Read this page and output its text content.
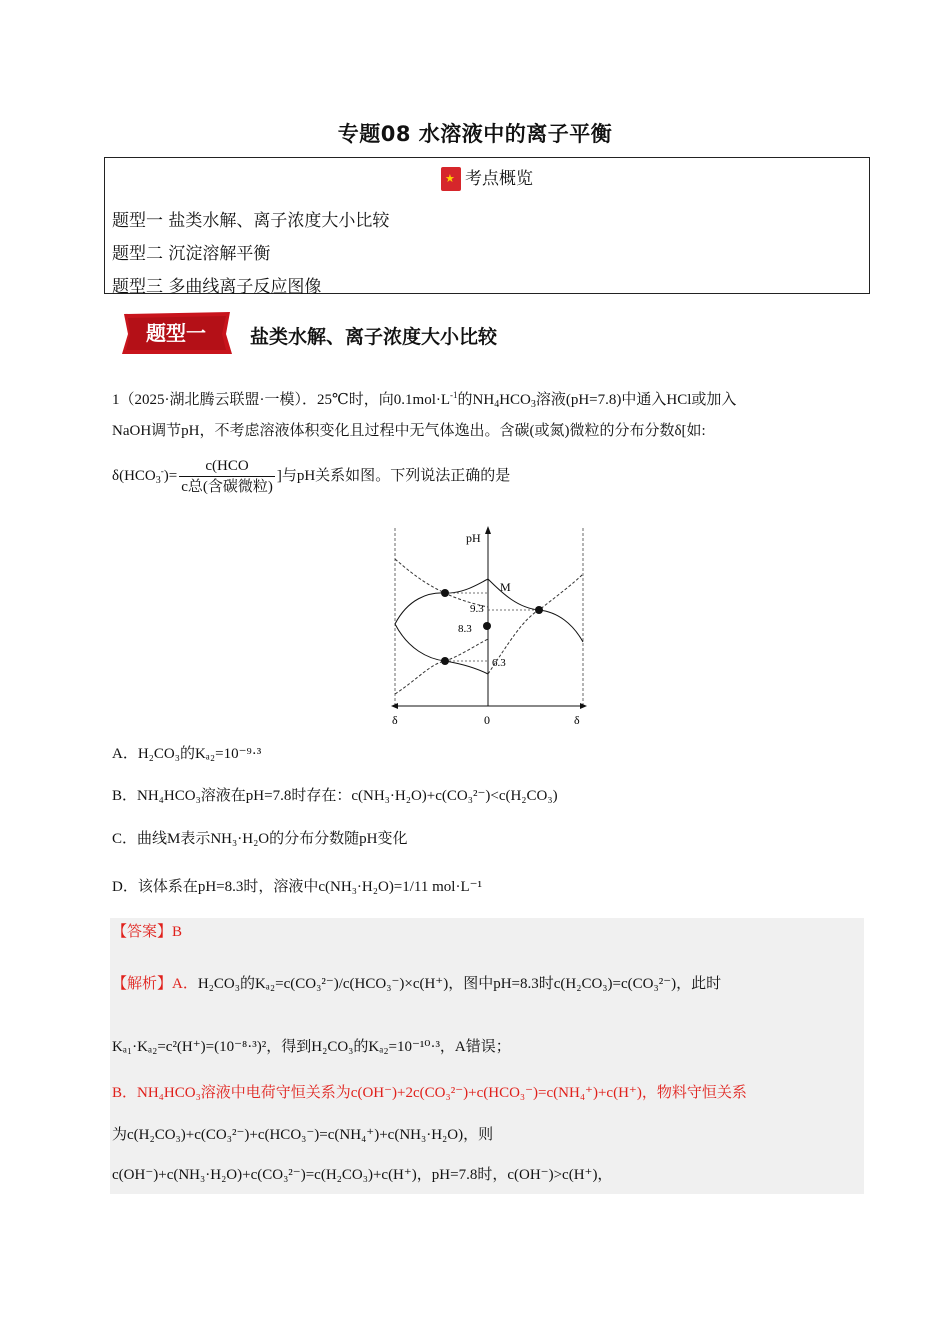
专题08 水溶液中的离子平衡
★考点概览
题型一 盐类水解、离子浓度大小比较
题型二 沉淀溶解平衡
题型三 多曲线离子反应图像
题型一 盐类水解、离子浓度大小比较
1（2025·湖北腾云联盟·一模）．25℃时，向$0.1mol\cdot L^{-1}$的$NH_4HCO_3$溶液(pH=7.8)中通入HCl或加入
NaOH调节pH，不考虑溶液体积变化且过程中无气体逸出。含碳(或氮)微粒的分布分数δ[如:
$\delta(HCO_3^-)= \frac{\text{c(HCO}}{\text{c总(含碳微粒)}}$ ]与pH关系如图。下列说法正确的是
pH
M
9.3
8.3
6.3
δ	0	δ
A．H₂CO₃的Kₐ₂=10⁻⁹·³
B．NH₄HCO₃溶液在pH=7.8时存在：c(NH₃·H₂O)+c(CO₃²⁻)<c(H₂CO₃)
C．曲线M表示NH₃·H₂O的分布分数随pH变化
D．该体系在pH=8.3时，溶液中c(NH₃·H₂O)=1/11 mol·L⁻¹
【答案】B
【解析】A．H₂CO₃的Kₐ₂=c(CO₃²⁻)/c(HCO₃⁻)×c(H⁺)，图中pH=8.3时c(H₂CO₃)=c(CO₃²⁻)，此时
Kₐ₁·Kₐ₂=c²(H⁺)=(10⁻⁸·³)²，得到H₂CO₃的Kₐ₂=10⁻¹⁰·³，A错误；
B．NH₄HCO₃溶液中电荷守恒关系为c(OH⁻)+2c(CO₃²⁻)+c(HCO₃⁻)=c(NH₄⁺)+c(H⁺)，物料守恒关系
为c(H₂CO₃)+c(CO₃²⁻)+c(HCO₃⁻)=c(NH₄⁺)+c(NH₃·H₂O)，则
c(OH⁻)+c(NH₃·H₂O)+c(CO₃²⁻)=c(H₂CO₃)+c(H⁺)，pH=7.8时，c(OH⁻)>c(H⁺)，
